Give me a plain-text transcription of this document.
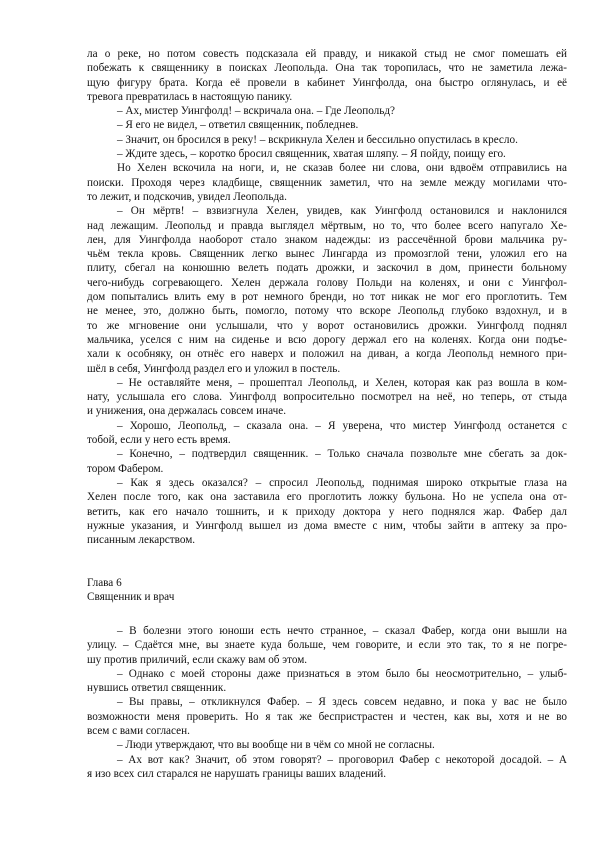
ла о реке, но потом совесть подсказала ей правду, и никакой стыд не смог помешать ей
побежать к священнику в поисках Леопольда. Она так торопилась, что не заметила лежа-
щую фигуру брата. Когда её провели в кабинет Уингфолда, она быстро оглянулась, и её
тревога превратилась в настоящую панику.
– Ах, мистер Уингфолд! – вскричала она. – Где Леопольд?
– Я его не видел, – ответил священник, побледнев.
– Значит, он бросился в реку! – вскрикнула Хелен и бессильно опустилась в кресло.
– Ждите здесь, – коротко бросил священник, хватая шляпу. – Я пойду, поищу его.
Но Хелен вскочила на ноги, и, не сказав более ни слова, они вдвоём отправились на
поиски. Проходя через кладбище, священник заметил, что на земле между могилами что-
то лежит, и подскочив, увидел Леопольда.
– Он мёртв! – взвизгнула Хелен, увидев, как Уингфолд остановился и наклонился
над лежащим. Леопольд и правда выглядел мёртвым, но то, что более всего напугало Хе-
лен, для Уингфолда наоборот стало знаком надежды: из рассечённой брови мальчика ру-
чьём текла кровь. Священник легко вынес Лингарда из промозглой тени, уложил его на
плиту, сбегал на конюшню велеть подать дрожки, и заскочил в дом, принести больному
чего-нибудь согревающего. Хелен держала голову Польди на коленях, и они с Уингфол-
дом попытались влить ему в рот немного бренди, но тот никак не мог его проглотить. Тем
не менее, это, должно быть, помогло, потому что вскоре Леопольд глубоко вздохнул, и в
то же мгновение они услышали, что у ворот остановились дрожки. Уингфолд поднял
мальчика, уселся с ним на сиденье и всю дорогу держал его на коленях. Когда они подъе-
хали к особняку, он отнёс его наверх и положил на диван, а когда Леопольд немного при-
шёл в себя, Уингфолд раздел его и уложил в постель.
– Не оставляйте меня, – прошептал Леопольд, и Хелен, которая как раз вошла в ком-
нату, услышала его слова. Уингфолд вопросительно посмотрел на неё, но теперь, от стыда
и унижения, она держалась совсем иначе.
– Хорошо, Леопольд, – сказала она. – Я уверена, что мистер Уингфолд останется с
тобой, если у него есть время.
– Конечно, – подтвердил священник. – Только сначала позвольте мне сбегать за док-
тором Фабером.
– Как я здесь оказался? – спросил Леопольд, поднимая широко открытые глаза на
Хелен после того, как она заставила его проглотить ложку бульона. Но не успела она от-
ветить, как его начало тошнить, и к приходу доктора у него поднялся жар. Фабер дал
нужные указания, и Уингфолд вышел из дома вместе с ним, чтобы зайти в аптеку за про-
писанным лекарством.
Глава 6
Священник и врач
– В болезни этого юноши есть нечто странное, – сказал Фабер, когда они вышли на
улицу. – Сдаётся мне, вы знаете куда больше, чем говорите, и если это так, то я не погре-
шу против приличий, если скажу вам об этом.
– Однако с моей стороны даже признаться в этом было бы неосмотрительно, – улыб-
нувшись ответил священник.
– Вы правы, – откликнулся Фабер. – Я здесь совсем недавно, и пока у вас не было
возможности меня проверить. Но я так же беспристрастен и честен, как вы, хотя и не во
всем с вами согласен.
– Люди утверждают, что вы вообще ни в чём со мной не согласны.
– Ах вот как? Значит, об этом говорят? – проговорил Фабер с некоторой досадой. – А
я изо всех сил старался не нарушать границы ваших владений.
